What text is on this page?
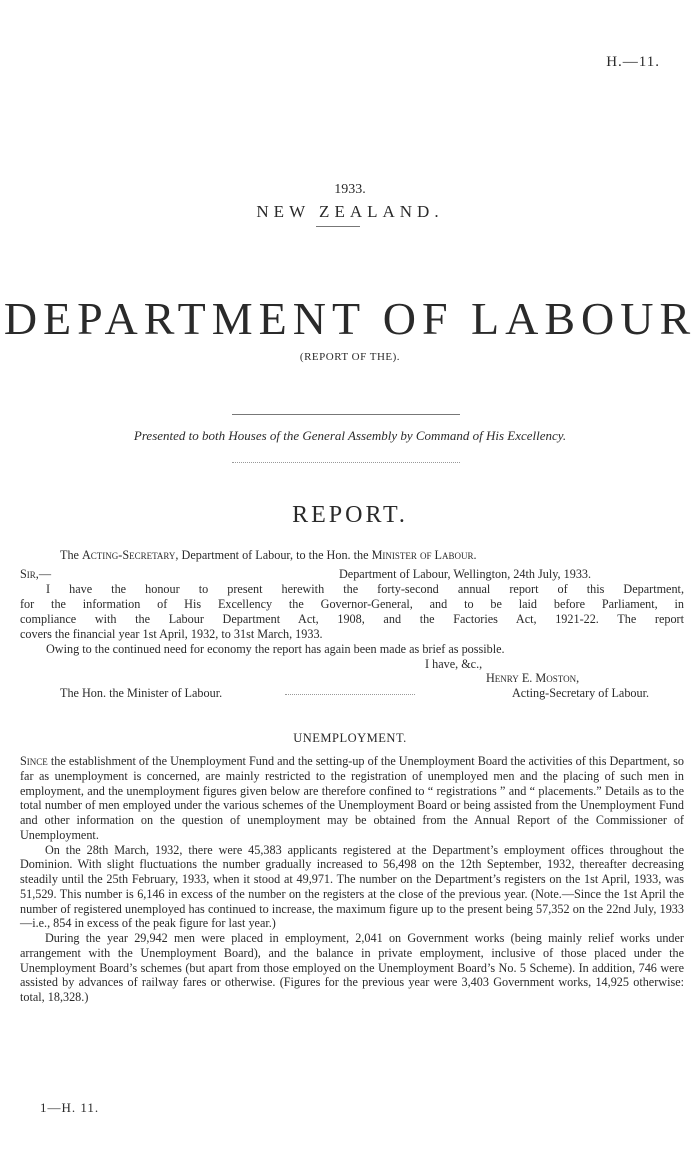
H.—11.
1933.
NEW ZEALAND.
DEPARTMENT OF LABOUR
(REPORT OF THE).
Presented to both Houses of the General Assembly by Command of His Excellency.
REPORT.
The Acting-Secretary, Department of Labour, to the Hon. the Minister of Labour.
Sir,—	Department of Labour, Wellington, 24th July, 1933.
I have the honour to present herewith the forty-second annual report of this Department,
for the information of His Excellency the Governor-General, and to be laid before Parliament, in
compliance with the Labour Department Act, 1908, and the Factories Act, 1921-22. The report
covers the financial year 1st April, 1932, to 31st March, 1933.
Owing to the continued need for economy the report has again been made as brief as possible.
I have, &c.,
Henry E. Moston,
The Hon. the Minister of Labour.	Acting-Secretary of Labour.
UNEMPLOYMENT.

Since the establishment of the Unemployment Fund and the setting-up of the Unemployment Board the activities of this Department, so far as unemployment is concerned, are mainly restricted to the registration of unemployed men and the placing of such men in employment, and the unemployment figures given below are therefore confined to “ registrations ” and “ placements.” Details as to the total number of men employed under the various schemes of the Unemployment Board or being assisted from the Unemployment Fund and other information on the question of unemployment may be obtained from the Annual Report of the Commissioner of Unemployment.

On the 28th March, 1932, there were 45,383 applicants registered at the Department’s employment offices throughout the Dominion. With slight fluctuations the number gradually increased to 56,498 on the 12th September, 1932, thereafter decreasing steadily until the 25th February, 1933, when it stood at 49,971. The number on the Department’s registers on the 1st April, 1933, was 51,529. This number is 6,146 in excess of the number on the registers at the close of the previous year. (Note.—Since the 1st April the number of registered unemployed has continued to increase, the maximum figure up to the present being 57,352 on the 22nd July, 1933—i.e., 854 in excess of the peak figure for last year.)

During the year 29,942 men were placed in employment, 2,041 on Government works (being mainly relief works under arrangement with the Unemployment Board), and the balance in private employment, inclusive of those placed under the Unemployment Board’s schemes (but apart from those employed on the Unemployment Board’s No. 5 Scheme). In addition, 746 were assisted by advances of railway fares or otherwise. (Figures for the previous year were 3,403 Government works, 14,925 otherwise: total, 18,328.)

1—H. 11.
